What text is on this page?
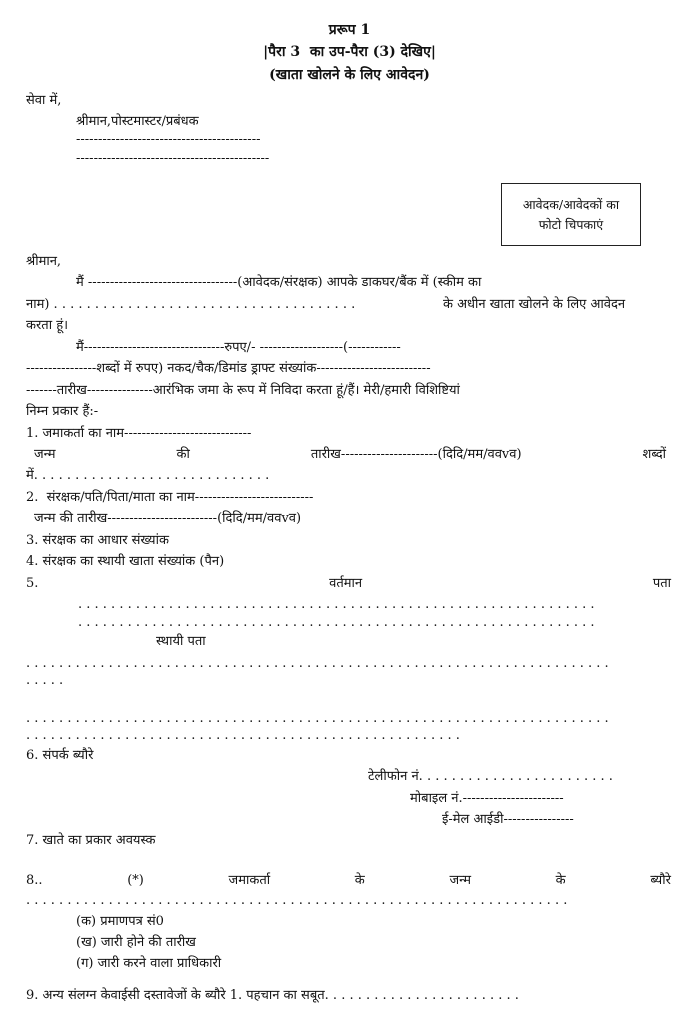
प्ररूप 1
|पैरा 3  का उप-पैरा (3) देखिए|
(खाता खोलने के लिए आवेदन)
सेवा में,
श्रीमान,पोस्टमास्टर/प्रबंधक
------------------------------------------
--------------------------------------------
आवेदक/आवेदकों का
फोटो चिपकाएं
श्रीमान,
मैं ----------------------------------(आवेदक/संरक्षक) आपके डाकघर/बैंक में (स्कीम का
नाम) . . . . . . . . . . . . . . . . . . . . . . . . . . . . . . . . . . . . .	के अधीन खाता खोलने के लिए आवेदन
करता हूं।
मैं--------------------------------रुपए/- -------------------(------------
----------------शब्दों में रुपए) नकद/चैक/डिमांड ड्राफ्ट संख्यांक--------------------------
-------तारीख---------------आरंभिक जमा के रूप में निविदा करता हूं/हैं। मेरी/हमारी विशिष्टियां
निम्न प्रकार हैं:-
1. जमाकर्ता का नाम-----------------------------
जन्म	की	तारीख----------------------(दिदि/मम/ववvव)	शब्दों
में. . . . . . . . . . . . . . . . . . . . . . . . . . . . .
2.  संरक्षक/पति/पिता/माता का नाम---------------------------
जन्म की तारीख-------------------------(दिदि/मम/ववvव)
3. संरक्षक का आधार संख्यांक
4. संरक्षक का स्थायी खाता संख्यांक (पैन)
5.	वर्तमान	पता
. . . . . . . . . . . . . . . . . . . . . . . . . . . . . . . . . . . . . . . . . . . . . . . . . . . . . . . . . . . . . . .
. . . . . . . . . . . . . . . . . . . . . . . . . . . . . . . . . . . . . . . . . . . . . . . . . . . . . . . . . . . . . . .
स्थायी पता
. . . . . . . . . . . . . . . . . . . . . . . . . . . . . . . . . . . . . . . . . . . . . . . . . . . . . . . . . . . . . . . . . . . . . . .
. . . . .
. . . . . . . . . . . . . . . . . . . . . . . . . . . . . . . . . . . . . . . . . . . . . . . . . . . . . . . . . . . . . . . . . . . . . . .
. . . . . . . . . . . . . . . . . . . . . . . . . . . . . . . . . . . . . . . . . . . . . . . . . . . . .
6. संपर्क ब्यौरे
टेलीफोन नं. . . . . . . . . . . . . . . . . . . . . . . .
मोबाइल नं.-----------------------
ई-मेल आईडी----------------
7. खाते का प्रकार अवयस्क
8..	(*)	जमाकर्ता	के	जन्म	के	ब्यौरे
. . . . . . . . . . . . . . . . . . . . . . . . . . . . . . . . . . . . . . . . . . . . . . . . . . . . . . . . . . . . . . . . . .
(क) प्रमाणपत्र सं0
(ख) जारी होने की तारीख
(ग) जारी करने वाला प्राधिकारी
9. अन्य संलग्न केवाईसी दस्तावेजों के ब्यौरे 1. पहचान का सबूत. . . . . . . . . . . . . . . . . . . . . . . .
